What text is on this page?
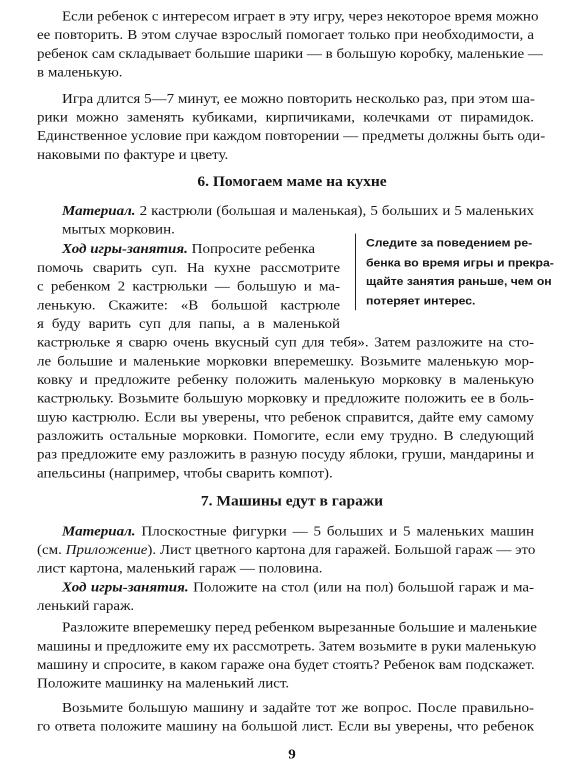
Если ребенок с интересом играет в эту игру, через некоторое время можно
ее повторить. В этом случае взрослый помогает только при необходимости, а
ребенок сам складывает большие шарики — в большую коробку, маленькие —
в маленькую.
Игра длится 5—7 минут, ее можно повторить несколько раз, при этом ша-
рики можно заменять кубиками, кирпичиками, колечками от пирамидок.
Единственное условие при каждом повторении — предметы должны быть оди-
наковыми по фактуре и цвету.
6. Помогаем маме на кухне
Материал. 2 кастрюли (большая и маленькая), 5 больших и 5 маленьких
мытых морковин.
Ход игры-занятия. Попросите ребенка
помочь сварить суп. На кухне рассмотрите
с ребенком 2 кастрюльки — большую и ма-
ленькую. Скажите: «В большой кастрюле
я буду варить суп для папы, а в маленькой
кастрюльке я сварю очень вкусный суп для тебя». Затем разложите на сто-
ле большие и маленькие морковки вперемешку. Возьмите маленькую мор-
ковку и предложите ребенку положить маленькую морковку в маленькую
кастрюльку. Возьмите большую морковку и предложите положить ее в боль-
шую кастрюлю. Если вы уверены, что ребенок справится, дайте ему самому
разложить остальные морковки. Помогите, если ему трудно. В следующий
раз предложите ему разложить в разную посуду яблоки, груши, мандарины и
апельсины (например, чтобы сварить компот).
Следите за поведением ре-
бенка во время игры и прекра-
щайте занятия раньше, чем он
потеряет интерес.
7. Машины едут в гаражи
Материал. Плоскостные фигурки — 5 больших и 5 маленьких машин
(см. Приложение). Лист цветного картона для гаражей. Большой гараж — это
лист картона, маленький гараж — половина.
Ход игры-занятия. Положите на стол (или на пол) большой гараж и ма-
ленький гараж.
Разложите вперемешку перед ребенком вырезанные большие и маленькие
машины и предложите ему их рассмотреть. Затем возьмите в руки маленькую
машину и спросите, в каком гараже она будет стоять? Ребенок вам подскажет.
Положите машинку на маленький лист.
Возьмите большую машину и задайте тот же вопрос. После правильно-
го ответа положите машину на большой лист. Если вы уверены, что ребенок
9
